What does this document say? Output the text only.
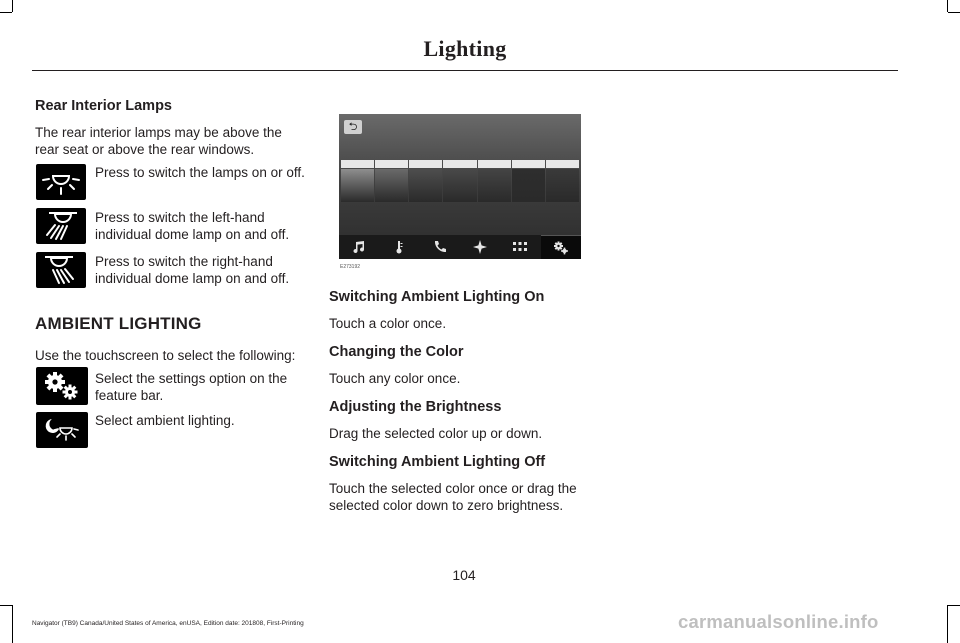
Lighting
Rear Interior Lamps
The rear interior lamps may be above the rear seat or above the rear windows.
Press to switch the lamps on or off.
Press to switch the left-hand individual dome lamp on and off.
Press to switch the right-hand individual dome lamp on and off.
AMBIENT LIGHTING
Use the touchscreen to select the following:
Select the settings option on the feature bar.
Select ambient lighting.
⮌
E273192
Switching Ambient Lighting On
Touch a color once.
Changing the Color
Touch any color once.
Adjusting the Brightness
Drag the selected color up or down.
Switching Ambient Lighting Off
Touch the selected color once or drag the selected color down to zero brightness.
104
Navigator (TB9) Canada/United States of America, enUSA, Edition date: 201808, First-Printing	carmanualsonline.info
